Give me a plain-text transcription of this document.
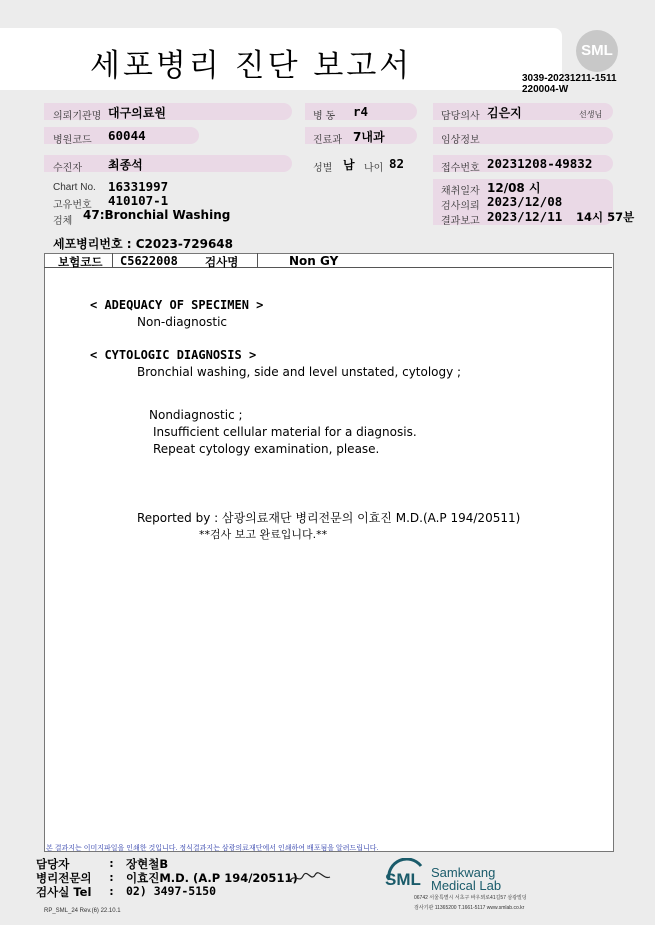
세포병리 진단 보고서	SML
3039-20231211-1511
220004-W
의뢰기관명 대구의료원	병 동 r4	담당의사 김은지	선생님
병원코드 60044	진료과 7내과	임상정보
수진자 최종석	성별 남 나이 82	접수번호 20231208-49832
Chart No. 16331997
고유번호 410107-1
검체 47:Bronchial Washing
채취일자 12/08 시
검사의뢰 2023/12/08
결과보고 2023/12/11 14시 57분
세포병리번호 : C2023-729648
보험코드 C5622008 검사명	Non GY
< ADEQUACY OF SPECIMEN >
Non-diagnostic
< CYTOLOGIC DIAGNOSIS >
Bronchial washing, side and level unstated, cytology ;
Nondiagnostic ;
Insufficient cellular material for a diagnosis.
Repeat cytology examination, please.
Reported by : 삼광의료재단 병리전문의 이효진 M.D.(A.P 194/20511)
**검사 보고 완료입니다.**
본 결과지는 이미지파일을 인쇄한 것입니다. 정식결과지는 삼광의료재단에서 인쇄하여 배포됨을 알려드립니다.
담당자	: 장현철B
병리전문의 : 이효진M.D. (A.P 194/20511)
검사실 Tel : 02) 3497-5150
RP_SML_24 Rev.(6) 22.10.1
SML Samkwang
Medical Lab
06742 서울특별시 서초구 바우뫼로41길57 삼광빌딩
검사기관 11365200 T.1661-5117 www.smlab.co.kr
